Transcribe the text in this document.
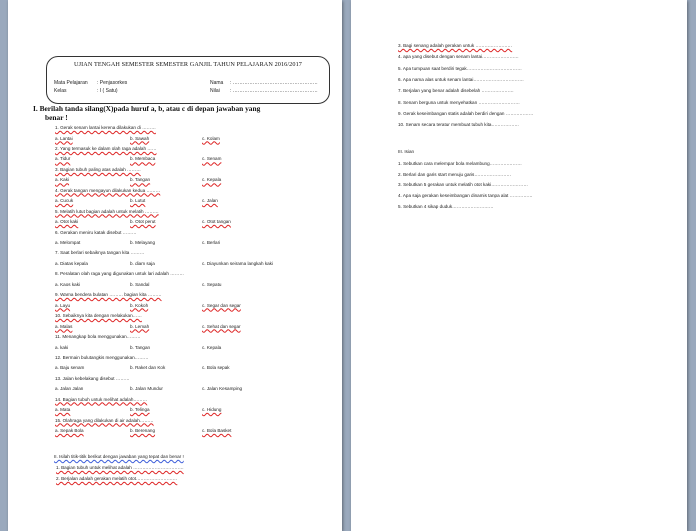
UJIAN TENGAH SEMESTER SEMESTER GANJIL TAHUN PELAJARAN 2016/2017
Mata Pelajaran : Penjasorkes
Kelas	: I ( Satu)
Nama : ……………………………………………
Nilai : ……………………………………………
I. Berilah tanda silang(X)pada huruf a, b, atau c di depan jawaban yang
benar !
1. Gerak senam lantai kerena dilakukan di ………
a. Lantai	b. Sawah	c. Kolam
2. Yang termasuk ke dalam olah raga adalah ……
a. Tidur	b. Membaca	c. Senam
3. Bagian tubuh paling atas adalah ………
a. Kaki	b. Tangan	c. Kepala
4. Gerak tangan mengayun dilakukan kedua ………
a. Cucuk	b. Lutut	c. Jalan
5. Melatih lutut bagian adalah untuk melatih ………
a. Otot kaki	b. Otot perut	c. Otot tangan
6. Gerakan meniru katak disebut ………
a. Melompat	b. Melayang	c. Berlari
7. Saat berlari sebaiknya tangan kita ………
a. Diatas kepala	b. diam saja	c. Diayunkan seirama langkah kaki
8. Peralatan olah raga yang digunakan untuk lari adalah ………
a. Kaos kaki	b. Sandal	c. Sepatu
9. Warna bendera bulatan ……… bagian kita ………
a. Layu	b. Kokoh	c. Segar dan segar
10. Sebaiknya kita dengan melakukan……
a. Malas	b. Lemah	c. Sehat dan segar
11. Menangkap bola menggunakan………
a. kaki	b. Tangan	c. Kepala
12. Bermain bulutangkis menggunakan………
a. Baju senam	b. Raket dan Kok	c. Bola sepak
13. Jalan kebelakang disebut ………
a. Jalan Jalan	b. Jalan Mundur	c. Jalan Kesamping
14. Bagian tubuh untuk melihat adalah………
a. Mata	b. Telinga	c. Hidung
15. Olahraga yang dilakukan di air adalah………
a. Sepak Bola	b. Berenang	c. Bola Basket
II. Isilah titik-titik berikut dengan jawaban yang tepat dan benar !
1. Bagian tubuh untuk melihat adalah ……………………………
2. Berjalan adalah gerakan melatih otot………………………
3. Bagi senang adalah gerakan untuk ……………………
4. apa yang disebut dengan senam lantai……………………
5. Apa tumpuan saat berdiri tegak………………………………
6. Apa nama alas untuk senam lantai……………………………
7. Berjalan yang benar adalah disebelah …………………
8. Senam berguna untuk menyehatkan ………………………
9. Gerak keseimbangan statis adalah berdiri dengan ………………
10. Senam secara teratur membuat tubuh kita………………
III. Isian
1. Sebutkan cara melempar bola melambung…………………
2. Berlari dan garis start menuju garis……………………
3. Sebutkan 5 gerakan untuk melatih otot kaki……………………
4. Apa saja gerakan keseimbangan dinamis tanpa alat ……………
5. Sebutkan 4 sikap duduk………………………
